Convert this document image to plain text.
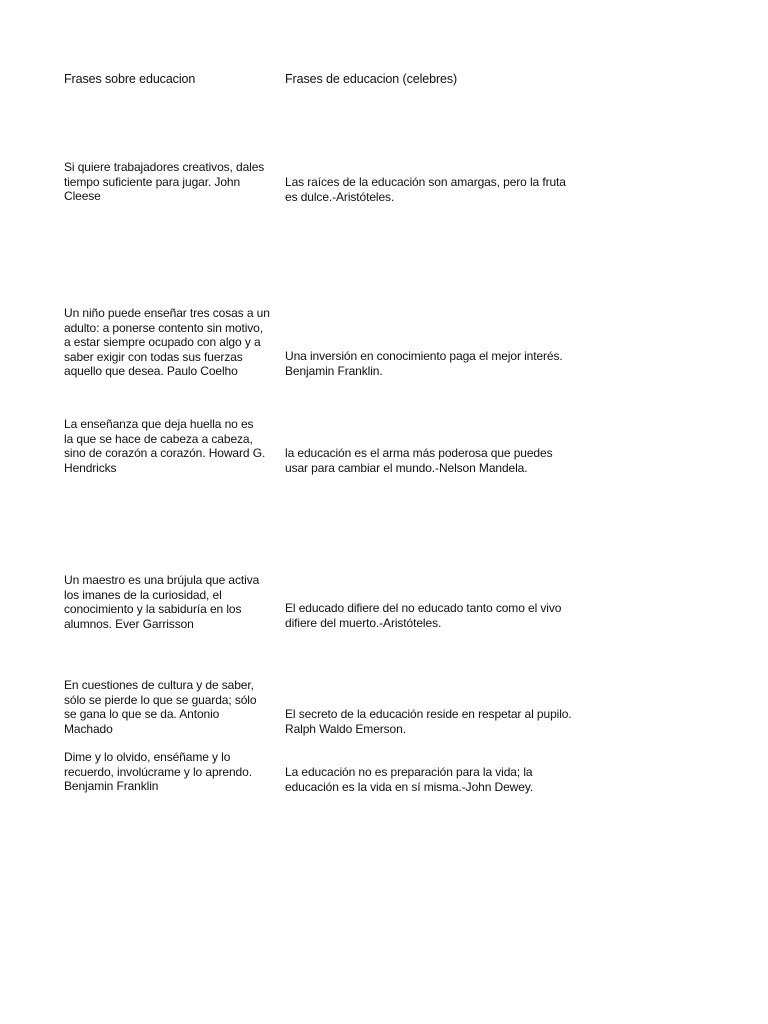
Frases sobre educacion	Frases de educacion (celebres)
Si quiere trabajadores creativos, dales
tiempo suficiente para jugar. John
Cleese
Un niño puede enseñar tres cosas a un
adulto: a ponerse contento sin motivo,
a estar siempre ocupado con algo y a
saber exigir con todas sus fuerzas
aquello que desea. Paulo Coelho
La enseñanza que deja huella no es
la que se hace de cabeza a cabeza,
sino de corazón a corazón. Howard G.
Hendricks
Un maestro es una brújula que activa
los imanes de la curiosidad, el
conocimiento y la sabiduría en los
alumnos. Ever Garrisson
En cuestiones de cultura y de saber,
sólo se pierde lo que se guarda; sólo
se gana lo que se da. Antonio
Machado
Dime y lo olvido, enséñame y lo
recuerdo, involúcrame y lo aprendo.
Benjamin Franklin
Las raíces de la educación son amargas, pero la fruta
es dulce.-Aristóteles.
Una inversión en conocimiento paga el mejor interés.
Benjamin Franklin.
la educación es el arma más poderosa que puedes
usar para cambiar el mundo.-Nelson Mandela.
El educado difiere del no educado tanto como el vivo
difiere del muerto.-Aristóteles.
El secreto de la educación reside en respetar al pupilo.
Ralph Waldo Emerson.
La educación no es preparación para la vida; la
educación es la vida en sí misma.-John Dewey.
